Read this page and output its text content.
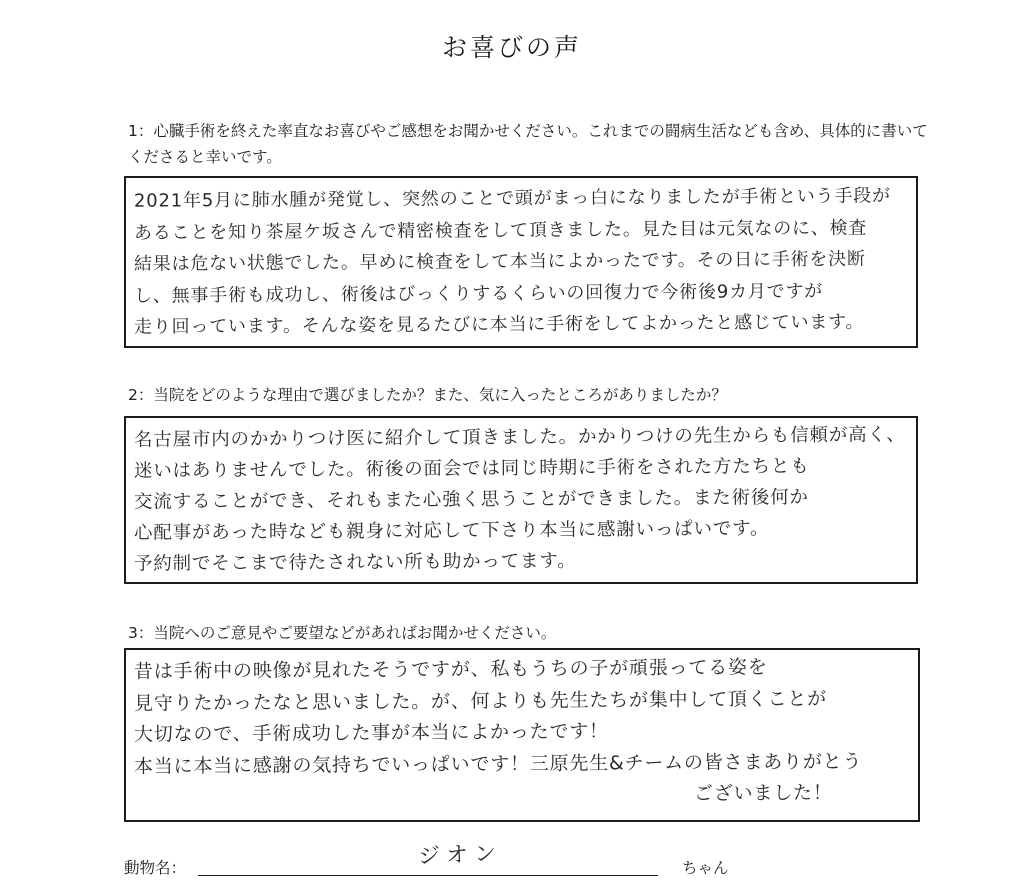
お喜びの声
1：心臓手術を終えた率直なお喜びやご感想をお聞かせください。これまでの闘病生活なども含め、具体的に書いてくださると幸いです。
2021年5月に肺水腫が発覚し、突然のことで頭がまっ白になりましたが手術という手段が
あることを知り茶屋ケ坂さんで精密検査をして頂きました。見た目は元気なのに、検査
結果は危ない状態でした。早めに検査をして本当によかったです。その日に手術を決断
し、無事手術も成功し、術後はびっくりするくらいの回復力で今術後9カ月ですが
走り回っています。そんな姿を見るたびに本当に手術をしてよかったと感じています。
2：当院をどのような理由で選びましたか？また、気に入ったところがありましたか？
名古屋市内のかかりつけ医に紹介して頂きました。かかりつけの先生からも信頼が高く、
迷いはありませんでした。術後の面会では同じ時期に手術をされた方たちとも
交流することができ、それもまた心強く思うことができました。また術後何か
心配事があった時なども親身に対応して下さり本当に感謝いっぱいです。
予約制でそこまで待たされない所も助かってます。
3：当院へのご意見やご要望などがあればお聞かせください。
昔は手術中の映像が見れたそうですが、私もうちの子が頑張ってる姿を
見守りたかったなと思いました。が、何よりも先生たちが集中して頂くことが
大切なので、手術成功した事が本当によかったです！
本当に本当に感謝の気持ちでいっぱいです！三原先生&チームの皆さまありがとう
ございました！
動物名：	ジオン	ちゃん
